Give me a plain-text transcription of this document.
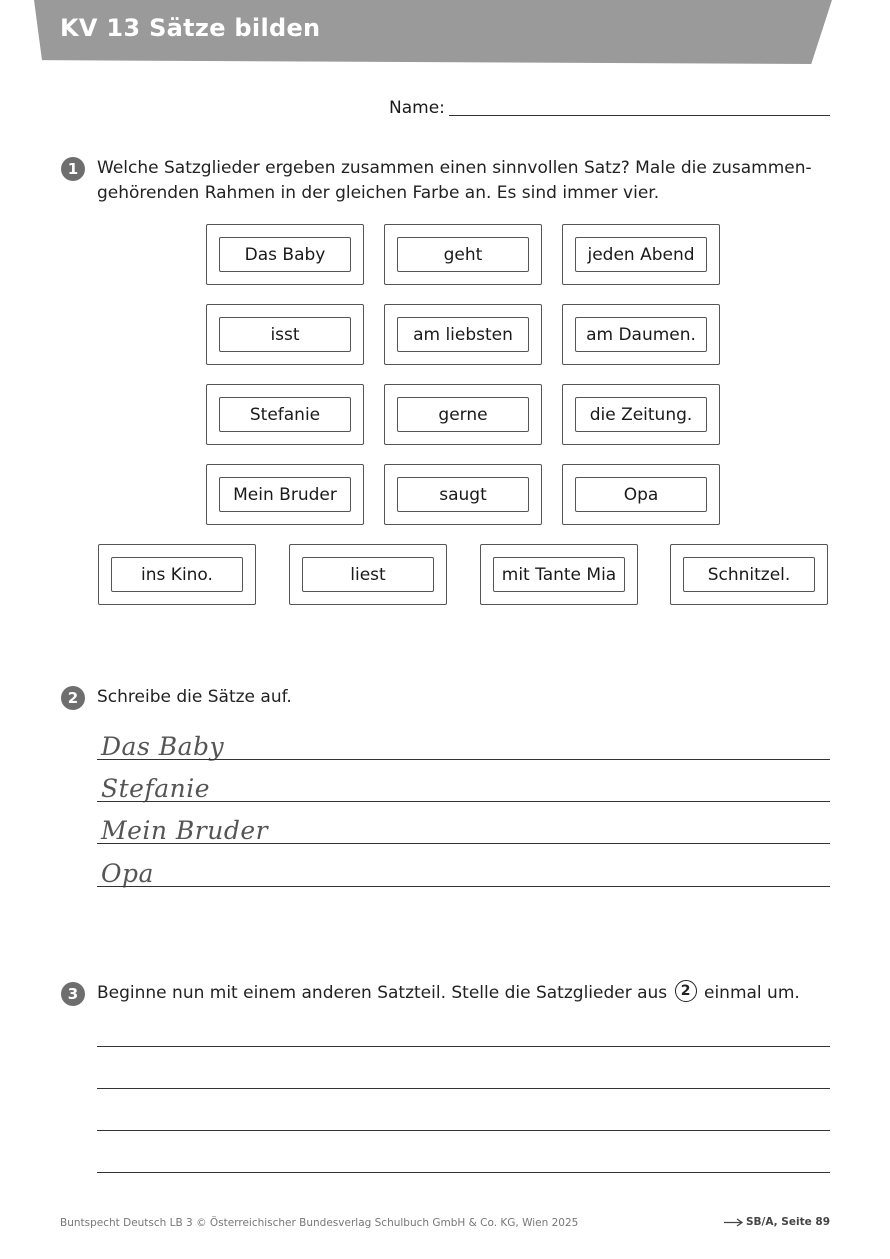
KV 13 Sätze bilden
Name:
1	Welche Satzglieder ergeben zusammen einen sinnvollen Satz? Male die zusammen-
gehörenden Rahmen in der gleichen Farbe an. Es sind immer vier.
Das Baby	geht	jeden Abend
isst	am liebsten	am Daumen.
Stefanie	gerne	die Zeitung.
Mein Bruder	saugt	Opa
ins Kino.	liest	mit Tante Mia	Schnitzel.
2	Schreibe die Sätze auf.
Das Baby
Stefanie
Mein Bruder
Opa
3	Beginne nun mit einem anderen Satzteil. Stelle die Satzglieder aus 2 einmal um.
Buntspecht Deutsch LB 3 © Österreichischer Bundesverlag Schulbuch GmbH & Co. KG, Wien 2025	SB/A, Seite 89
